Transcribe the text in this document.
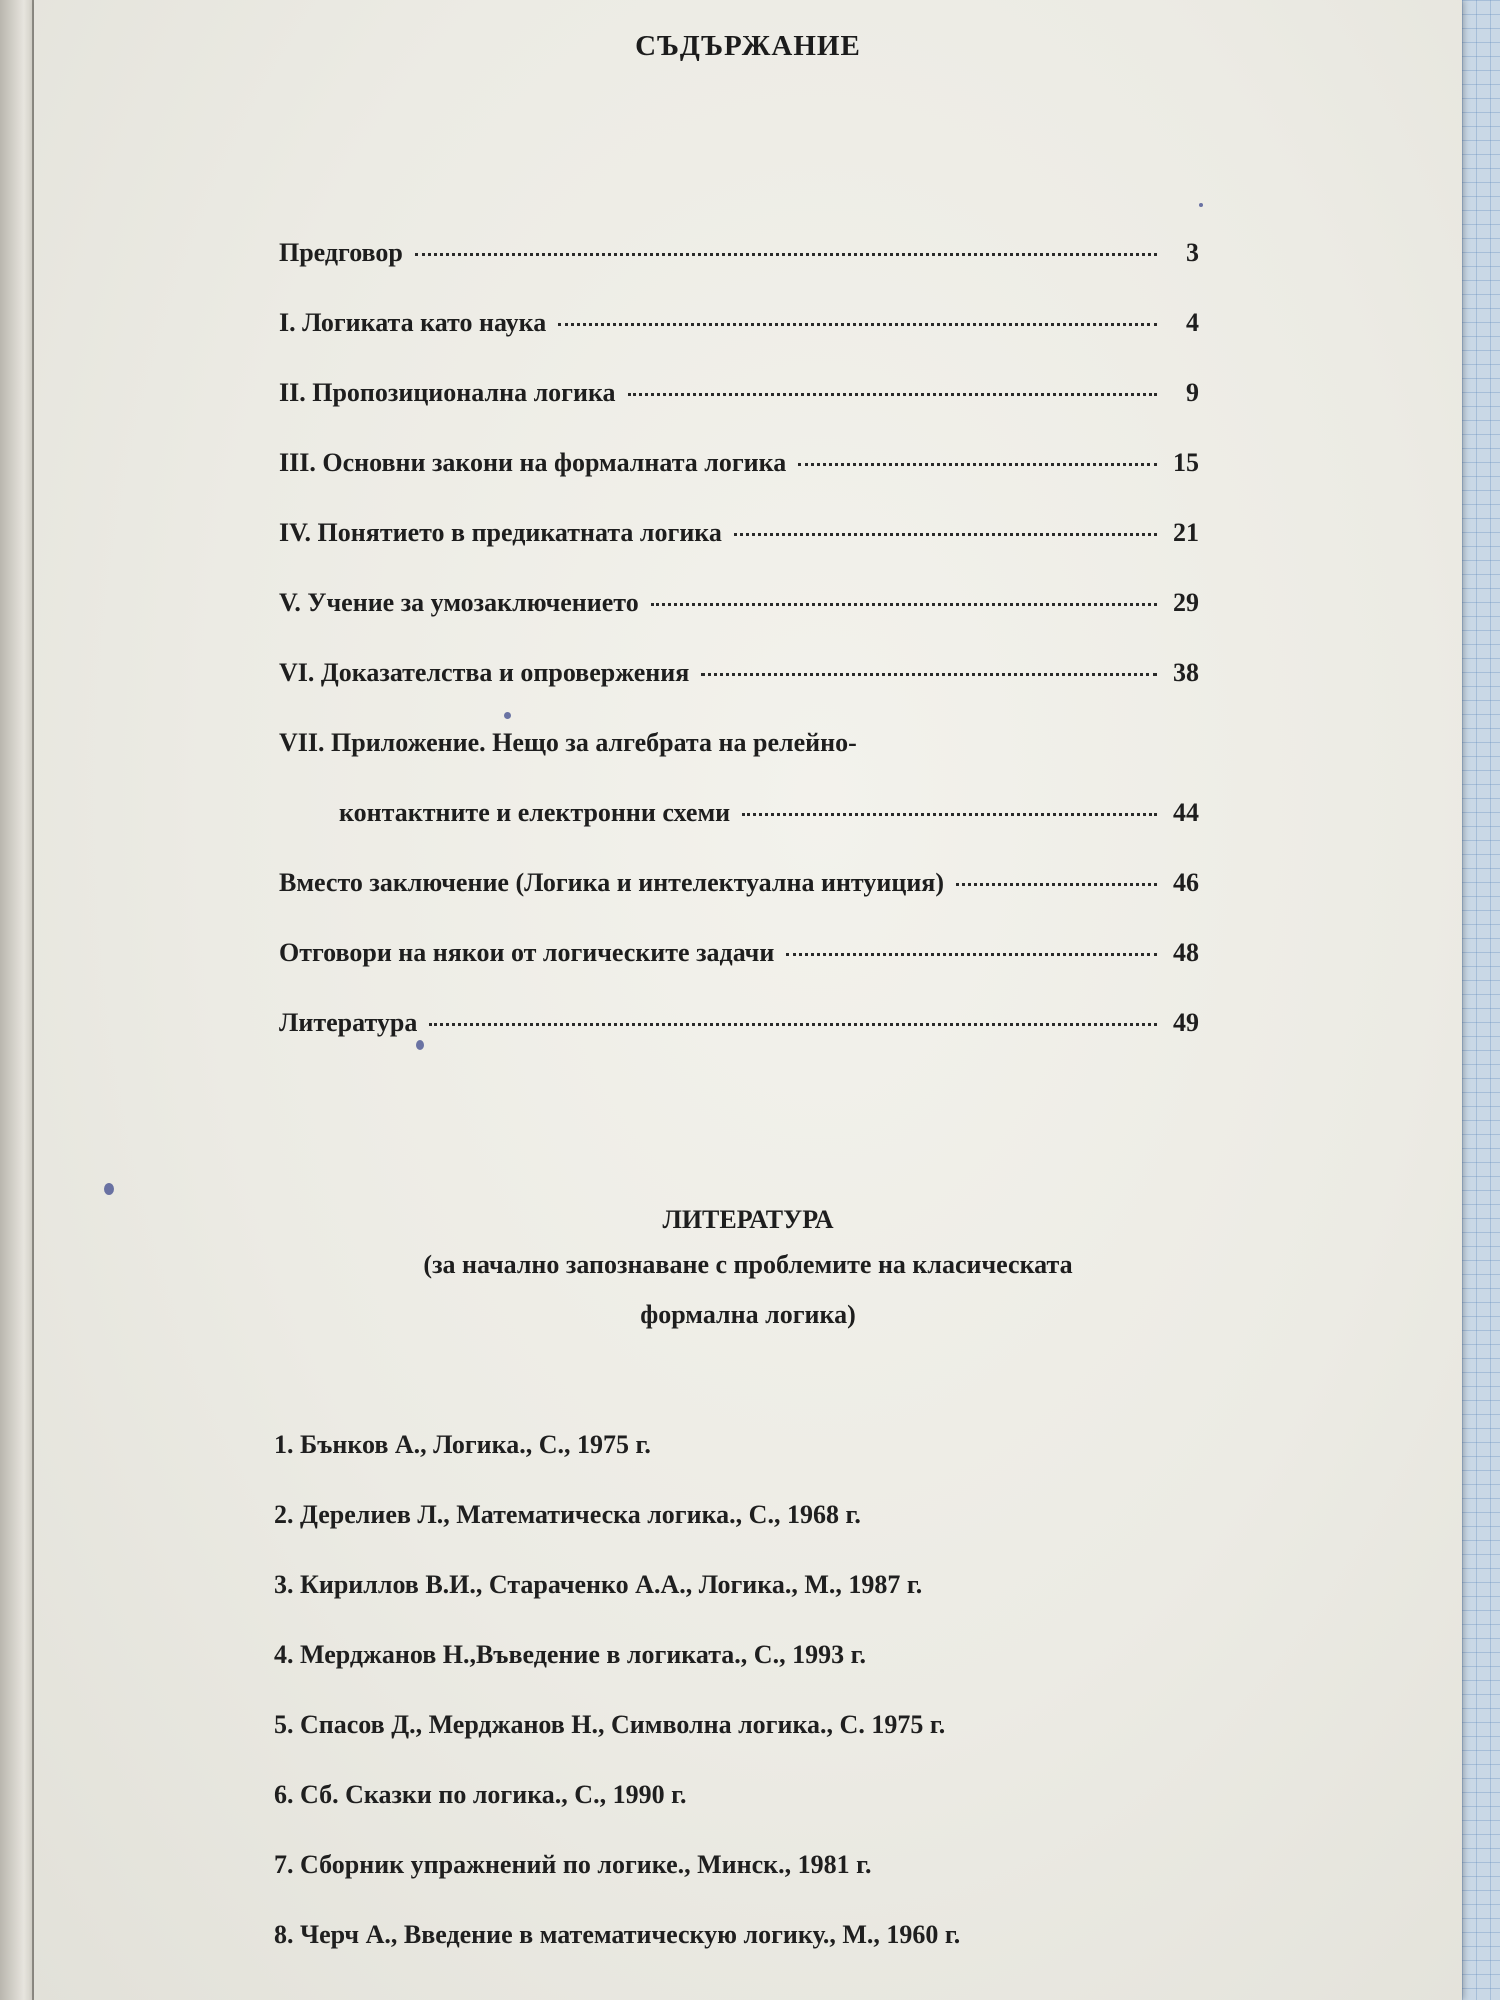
СЪДЪРЖАНИЕ
Предговор	3
I. Логиката като наука	4
II. Пропозиционална логика	9
III. Основни закони на формалната логика	15
IV. Понятието в предикатната логика	21
V. Учение за умозаключението	29
VI. Доказателства и опровержения	38
VII. Приложение. Нещо за алгебрата на релейно-
контактните и електронни схеми	44
Вместо заключение (Логика и интелектуална интуиция)	46
Отговори на някои от логическите задачи	48
Литература	49
ЛИТЕРАТУРА
(за начално запознаване с проблемите на класическата
формална логика)
1. Бънков А., Логика., С., 1975 г.
2. Дерелиев Л., Математическа логика., С., 1968 г.
3. Кириллов В.И., Стараченко А.А., Логика., М., 1987 г.
4. Мерджанов Н.,Въведение в логиката., С., 1993 г.
5. Спасов Д., Мерджанов Н., Символна логика., С. 1975 г.
6. Сб. Сказки по логика., С., 1990 г.
7. Сборник упражнений по логике., Минск., 1981 г.
8. Черч А., Введение в математическую логику., М., 1960 г.
